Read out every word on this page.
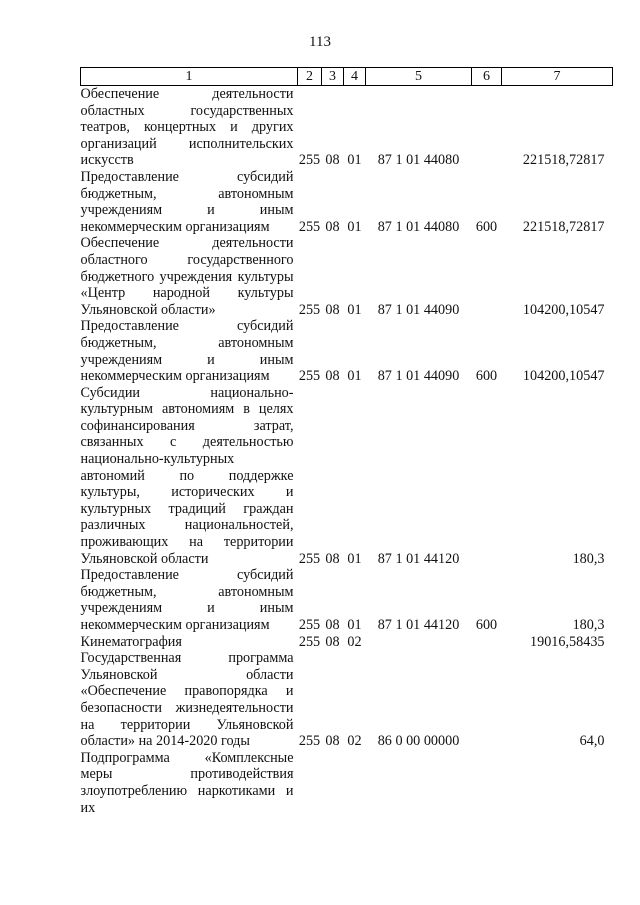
113
1	2	3	4	5	6	7
Обеспечение деятельности областных государственных театров, концертных и других организаций исполнительских искусств	255	08	01	87 1 01 44080		221518,72817
Предоставление субсидий бюджетным, автономным учреждениям и иным некоммерческим организациям	255	08	01	87 1 01 44080	600	221518,72817
Обеспечение деятельности областного государственного бюджетного учреждения культуры «Центр народной культуры Ульяновской области»	255	08	01	87 1 01 44090		104200,10547
Предоставление субсидий бюджетным, автономным учреждениям и иным некоммерческим организациям	255	08	01	87 1 01 44090	600	104200,10547
Субсидии национально-культурным автономиям в целях софинансирования затрат, связанных с деятельностью национально-культурных автономий по поддержке культуры, исторических и культурных традиций граждан различных национальностей, проживающих на территории Ульяновской области	255	08	01	87 1 01 44120		180,3
Предоставление субсидий бюджетным, автономным учреждениям и иным некоммерческим организациям	255	08	01	87 1 01 44120	600	180,3
Кинематография	255	08	02			19016,58435
Государственная программа Ульяновской области «Обеспечение правопорядка и безопасности жизнедеятельности на территории Ульяновской области» на 2014-2020 годы	255	08	02	86 0 00 00000		64,0
Подпрограмма «Комплексные меры противодействия злоупотреблению наркотиками и их						
